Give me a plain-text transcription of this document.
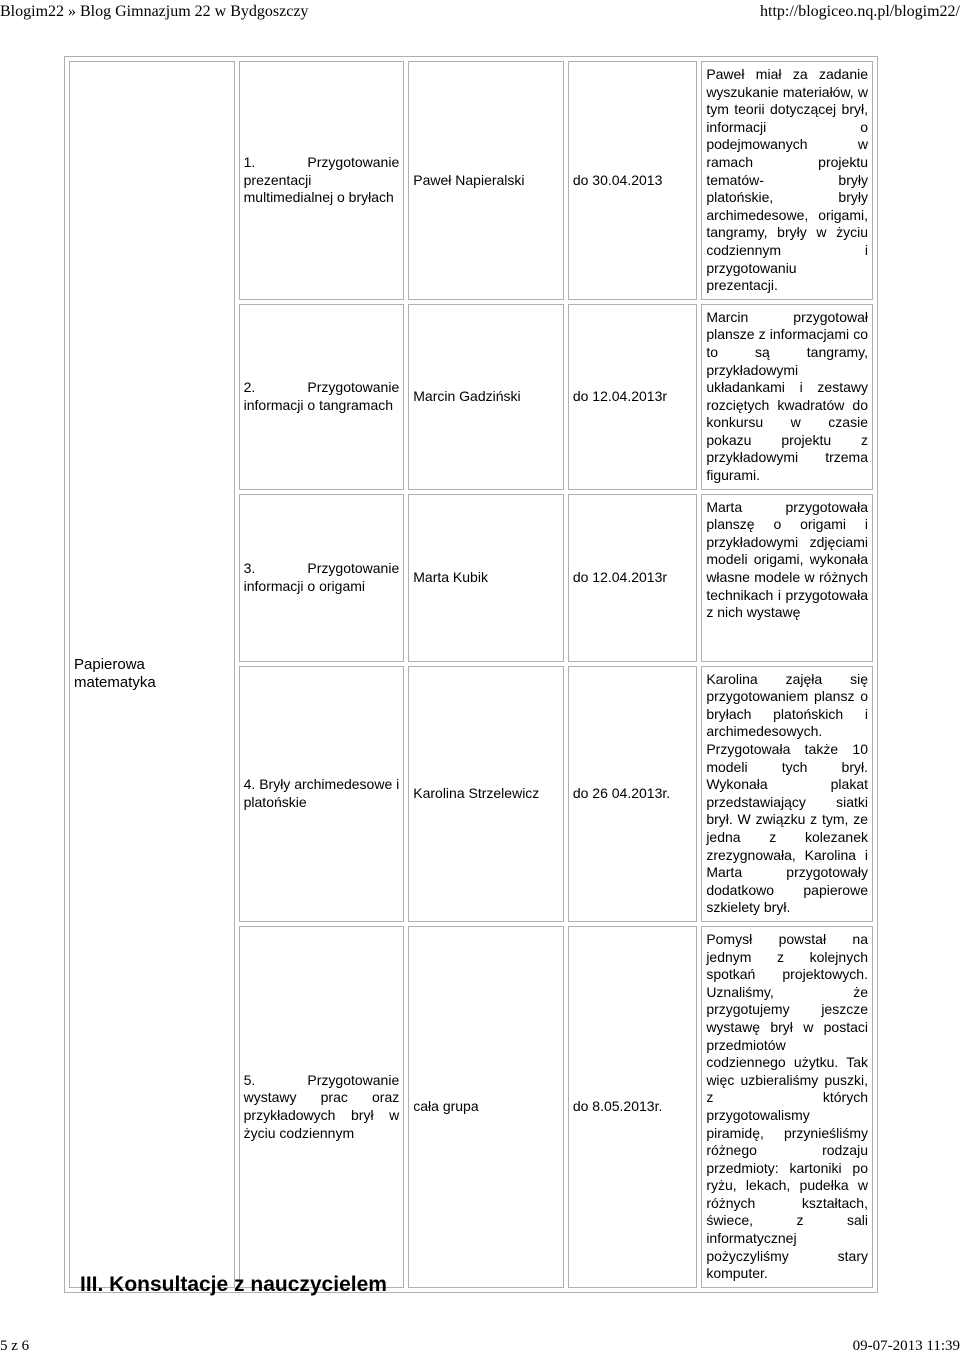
Blogim22 » Blog Gimnazjum 22 w Bydgoszczy	http://blogiceo.nq.pl/blogim22/
Papierowa matematyka	1. Przygotowanie prezentacji multimedialnej o bryłach	Paweł Napieralski	do 30.04.2013	Paweł miał za zadanie wyszukanie materiałów, w tym teorii dotyczącej brył, informacji o podejmowanych w ramach projektu tematów- bryły platońskie, bryły archimedesowe, origami, tangramy, bryły w życiu codziennym i przygotowaniu prezentacji.
	2. Przygotowanie informacji o tangramach	Marcin Gadziński	do 12.04.2013r	Marcin przygotował plansze z informacjami co to są tangramy, przykładowymi układankami i zestawy rozciętych kwadratów do konkursu w czasie pokazu projektu z przykładowymi trzema figurami.
	3. Przygotowanie informacji o origami	Marta Kubik	do 12.04.2013r	Marta przygotowała planszę o origami i przykładowymi zdjęciami modeli origami, wykonała własne modele w różnych technikach i przygotowała z nich wystawę
	4. Bryły archimedesowe i platońskie	Karolina Strzelewicz	do 26 04.2013r.	Karolina zajęła się przygotowaniem plansz o bryłach platońskich i archimedesowych. Przygotowała także 10 modeli tych brył. Wykonała plakat przedstawiający siatki brył. W związku z tym, ze jedna z kolezanek zrezygnowała, Karolina i Marta przygotowały dodatkowo papierowe szkielety brył.
	5. Przygotowanie wystawy prac oraz przykładowych brył w życiu codziennym	cała grupa	do 8.05.2013r.	Pomysł powstał na jednym z kolejnych spotkań projektowych. Uznaliśmy, że przygotujemy jeszcze wystawę brył w postaci przedmiotów codziennego użytku. Tak więc uzbieraliśmy puszki, z których przygotowalismy piramidę, przynieśliśmy różnego rodzaju przedmioty: kartoniki po ryżu, lekach, pudełka w różnych kształtach, świece, z sali informatycznej pożyczyliśmy stary komputer.
III. Konsultacje z nauczycielem
5 z 6	09-07-2013 11:39
